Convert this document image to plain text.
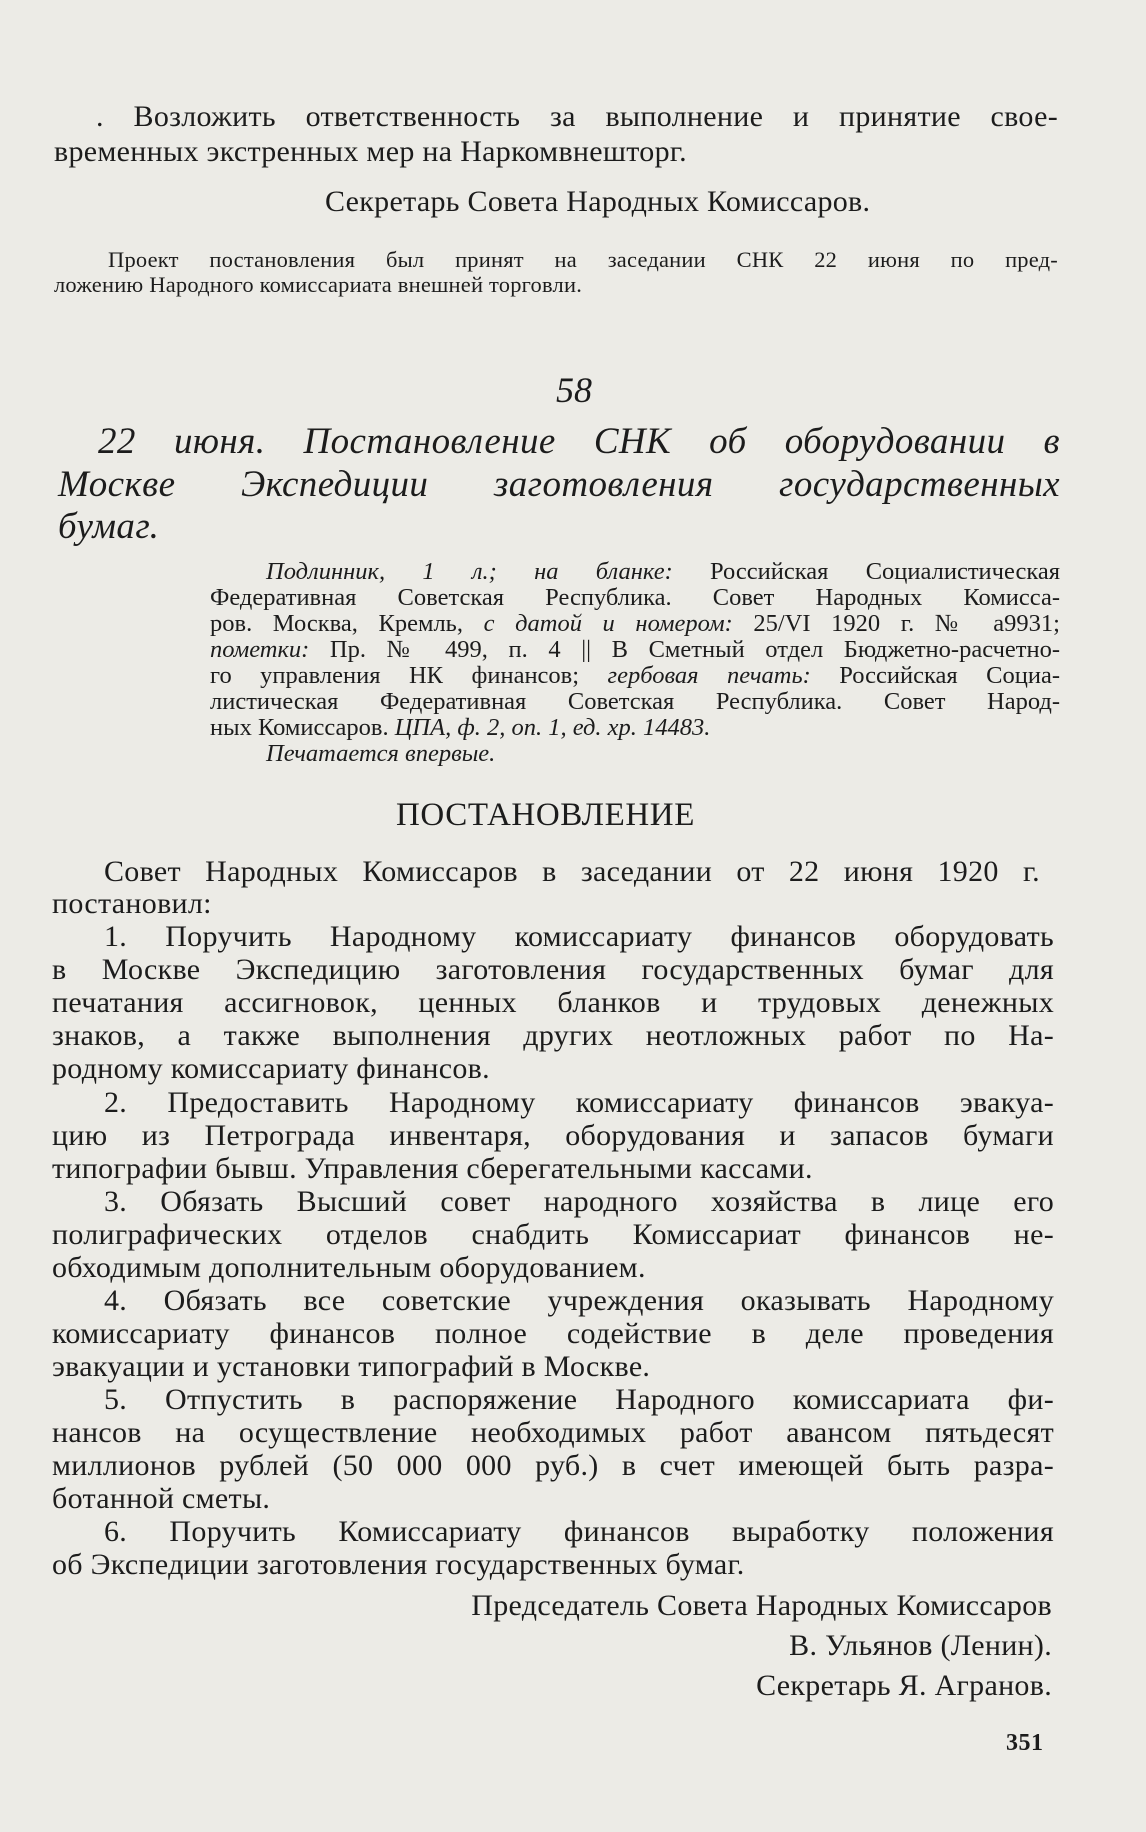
. Возложить ответственность за выполнение и принятие свое-

временных экстренных мер на Наркомвнешторг.

Секретарь Совета Народных Комиссаров.

Проект постановления был принят на заседании СНК 22 июня по пред-

ложению Народного комиссариата внешней торговли.

58

22 июня. Постановление СНК об оборудовании в

Москве Экспедиции заготовления государственных

бумаг.

Подлинник, 1 л.; на бланке: Российская Социалистическая

Федеративная Советская Республика. Совет Народных Комисса-

ров. Москва, Кремль, с датой и номером: 25/VI 1920 г. № а9931;

пометки: Пр. № 499, п. 4 || В Сметный отдел Бюджетно-расчетно-

го управления НК финансов; гербовая печать: Российская Социа-

листическая Федеративная Советская Республика. Совет Народ-

ных Комиссаров. ЦПА, ф. 2, оп. 1, ед. хр. 14483.

Печатается впервые.

ПОСТАНОВЛЕНИЕ

Совет Народных Комиссаров в заседании от 22 июня 1920 г.

постановил:

1. Поручить Народному комиссариату финансов оборудовать

в Москве Экспедицию заготовления государственных бумаг для

печатания ассигновок, ценных бланков и трудовых денежных

знаков, а также выполнения других неотложных работ по На-

родному комиссариату финансов.

2. Предоставить Народному комиссариату финансов эвакуа-

цию из Петрограда инвентаря, оборудования и запасов бумаги

типографии бывш. Управления сберегательными кассами.

3. Обязать Высший совет народного хозяйства в лице его

полиграфических отделов снабдить Комиссариат финансов не-

обходимым дополнительным оборудованием.

4. Обязать все советские учреждения оказывать Народному

комиссариату финансов полное содействие в деле проведения

эвакуации и установки типографий в Москве.

5. Отпустить в распоряжение Народного комиссариата фи-

нансов на осуществление необходимых работ авансом пятьдесят

миллионов рублей (50 000 000 руб.) в счет имеющей быть разра-

ботанной сметы.

6. Поручить Комиссариату финансов выработку положения

об Экспедиции заготовления государственных бумаг.

Председатель Совета Народных Комиссаров

В. Ульянов (Ленин).

Секретарь Я. Агранов.

351
